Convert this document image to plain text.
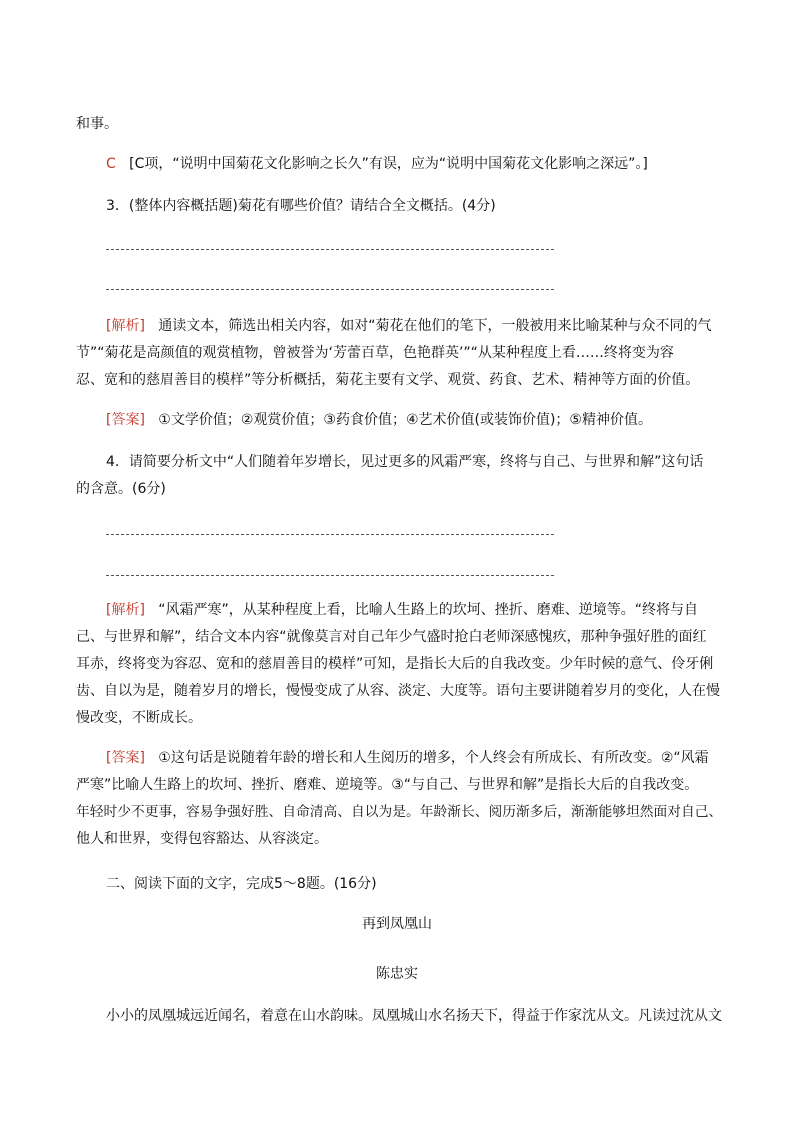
和事。
C [C项，“说明中国菊花文化影响之长久”有误，应为“说明中国菊花文化影响之深远”。]
3．(整体内容概括题)菊花有哪些价值？请结合全文概括。(4分)
[解析] 通读文本，筛选出相关内容，如对“菊花在他们的笔下，一般被用来比喻某种与众不同的气
节”“菊花是高颜值的观赏植物，曾被誉为‘芳蕾百草，色艳群英’”“从某种程度上看……终将变为容
忍、宽和的慈眉善目的模样”等分析概括，菊花主要有文学、观赏、药食、艺术、精神等方面的价值。
[答案] ①文学价值；②观赏价值；③药食价值；④艺术价值(或装饰价值)；⑤精神价值。
4．请简要分析文中“人们随着年岁增长，见过更多的风霜严寒，终将与自己、与世界和解”这句话
的含意。(6分)
[解析] “风霜严寒”，从某种程度上看，比喻人生路上的坎坷、挫折、磨难、逆境等。“终将与自
己、与世界和解”，结合文本内容“就像莫言对自己年少气盛时抢白老师深感愧疚，那种争强好胜的面红
耳赤，终将变为容忍、宽和的慈眉善目的模样”可知，是指长大后的自我改变。少年时候的意气、伶牙俐
齿、自以为是，随着岁月的增长，慢慢变成了从容、淡定、大度等。语句主要讲随着岁月的变化，人在慢
慢改变，不断成长。
[答案] ①这句话是说随着年龄的增长和人生阅历的增多，个人终会有所成长、有所改变。②“风霜
严寒”比喻人生路上的坎坷、挫折、磨难、逆境等。③“与自己、与世界和解”是指长大后的自我改变。
年轻时少不更事，容易争强好胜、自命清高、自以为是。年龄渐长、阅历渐多后，渐渐能够坦然面对自己、
他人和世界，变得包容豁达、从容淡定。
二、阅读下面的文字，完成5～8题。(16分)
再到凤凰山
陈忠实
小小的凤凰城远近闻名，着意在山水韵味。凤凰城山水名扬天下，得益于作家沈从文。凡读过沈从文
